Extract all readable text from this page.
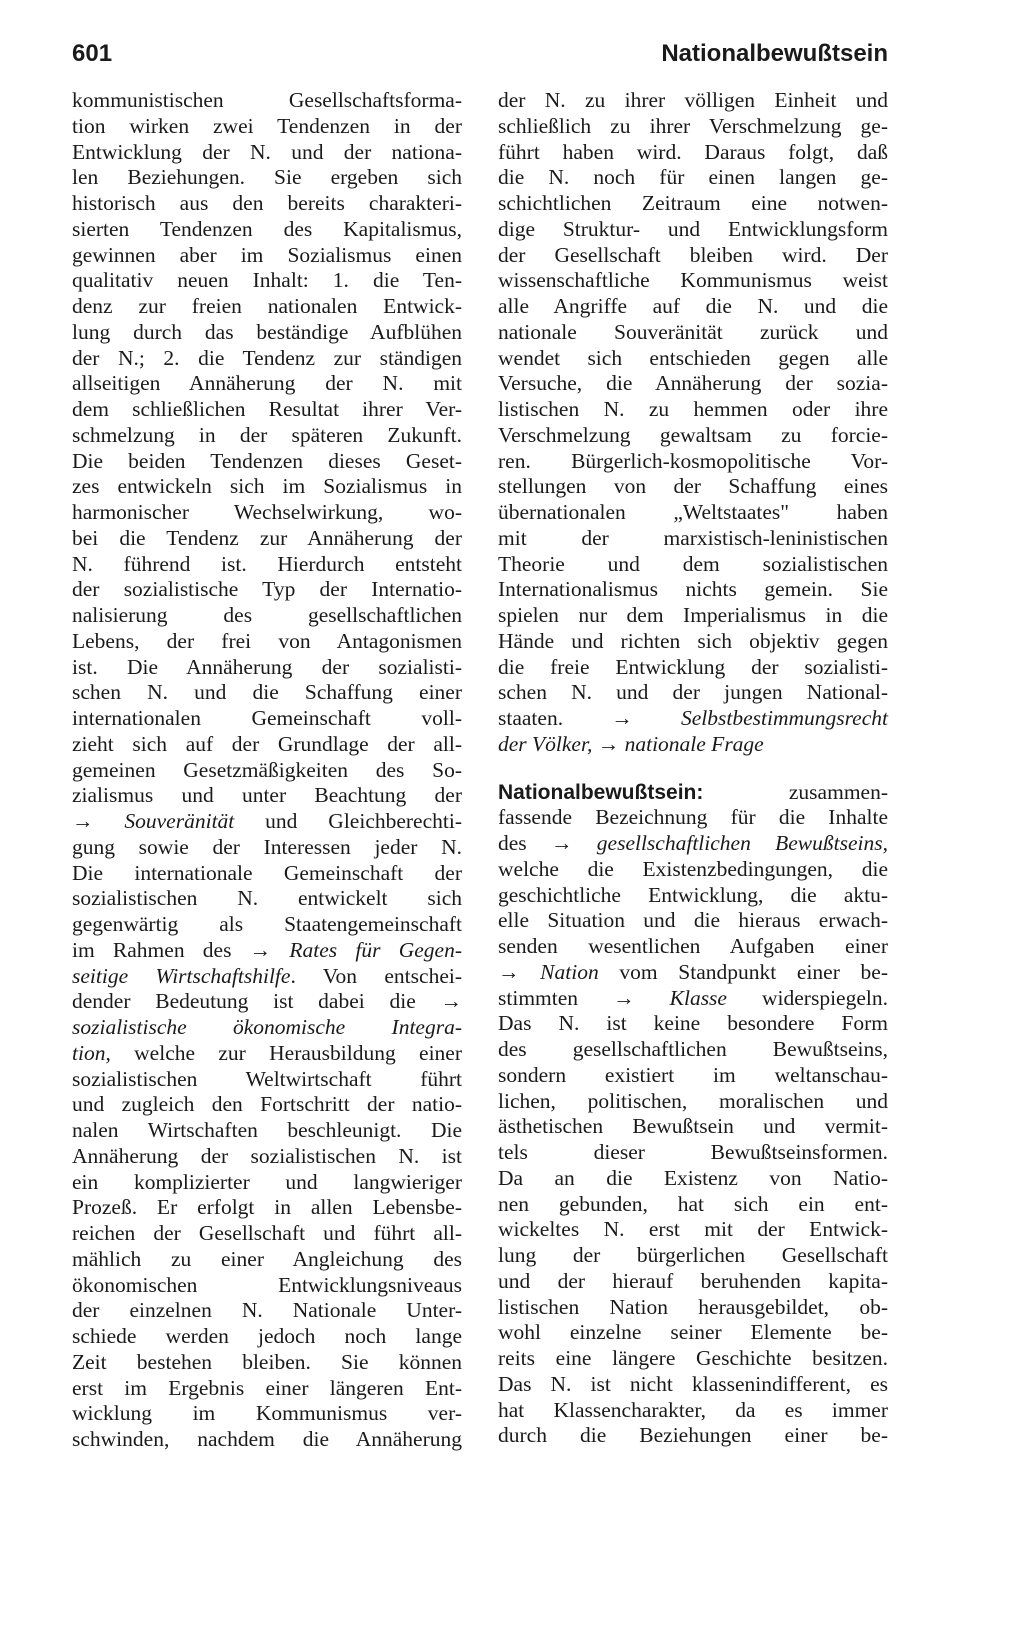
601	Nationalbewußtsein
kommunistischen Gesellschaftsforma-
tion wirken zwei Tendenzen in der
Entwicklung der N. und der nationa-
len Beziehungen. Sie ergeben sich
historisch aus den bereits charakteri-
sierten Tendenzen des Kapitalismus,
gewinnen aber im Sozialismus einen
qualitativ neuen Inhalt: 1. die Ten-
denz zur freien nationalen Entwick-
lung durch das beständige Aufblühen
der N.; 2. die Tendenz zur ständigen
allseitigen Annäherung der N. mit
dem schließlichen Resultat ihrer Ver-
schmelzung in der späteren Zukunft.
Die beiden Tendenzen dieses Geset-
zes entwickeln sich im Sozialismus in
harmonischer Wechselwirkung, wo-
bei die Tendenz zur Annäherung der
N. führend ist. Hierdurch entsteht
der sozialistische Typ der Internatio-
nalisierung des gesellschaftlichen
Lebens, der frei von Antagonismen
ist. Die Annäherung der sozialisti-
schen N. und die Schaffung einer
internationalen Gemeinschaft voll-
zieht sich auf der Grundlage der all-
gemeinen Gesetzmäßigkeiten des So-
zialismus und unter Beachtung der
→ Souveränität und Gleichberechti-
gung sowie der Interessen jeder N.
Die internationale Gemeinschaft der
sozialistischen N. entwickelt sich
gegenwärtig als Staatengemeinschaft
im Rahmen des → Rates für Gegen-
seitige Wirtschaftshilfe. Von entschei-
dender Bedeutung ist dabei die →
sozialistische ökonomische Integra-
tion, welche zur Herausbildung einer
sozialistischen Weltwirtschaft führt
und zugleich den Fortschritt der natio-
nalen Wirtschaften beschleunigt. Die
Annäherung der sozialistischen N. ist
ein komplizierter und langwieriger
Prozeß. Er erfolgt in allen Lebensbe-
reichen der Gesellschaft und führt all-
mählich zu einer Angleichung des
ökonomischen Entwicklungsniveaus
der einzelnen N. Nationale Unter-
schiede werden jedoch noch lange
Zeit bestehen bleiben. Sie können
erst im Ergebnis einer längeren Ent-
wicklung im Kommunismus ver-
schwinden, nachdem die Annäherung
der N. zu ihrer völligen Einheit und
schließlich zu ihrer Verschmelzung ge-
führt haben wird. Daraus folgt, daß
die N. noch für einen langen ge-
schichtlichen Zeitraum eine notwen-
dige Struktur- und Entwicklungsform
der Gesellschaft bleiben wird. Der
wissenschaftliche Kommunismus weist
alle Angriffe auf die N. und die
nationale Souveränität zurück und
wendet sich entschieden gegen alle
Versuche, die Annäherung der sozia-
listischen N. zu hemmen oder ihre
Verschmelzung gewaltsam zu forcie-
ren. Bürgerlich-kosmopolitische Vor-
stellungen von der Schaffung eines
übernationalen „Weltstaates" haben
mit der marxistisch-leninistischen
Theorie und dem sozialistischen
Internationalismus nichts gemein. Sie
spielen nur dem Imperialismus in die
Hände und richten sich objektiv gegen
die freie Entwicklung der sozialisti-
schen N. und der jungen National-
staaten. → Selbstbestimmungsrecht
der Völker, → nationale Frage
Nationalbewußtsein: zusammen-
fassende Bezeichnung für die Inhalte
des → gesellschaftlichen Bewußtseins,
welche die Existenzbedingungen, die
geschichtliche Entwicklung, die aktu-
elle Situation und die hieraus erwach-
senden wesentlichen Aufgaben einer
→ Nation vom Standpunkt einer be-
stimmten → Klasse widerspiegeln.
Das N. ist keine besondere Form
des gesellschaftlichen Bewußtseins,
sondern existiert im weltanschau-
lichen, politischen, moralischen und
ästhetischen Bewußtsein und vermit-
tels dieser Bewußtseinsformen.
Da an die Existenz von Natio-
nen gebunden, hat sich ein ent-
wickeltes N. erst mit der Entwick-
lung der bürgerlichen Gesellschaft
und der hierauf beruhenden kapita-
listischen Nation herausgebildet, ob-
wohl einzelne seiner Elemente be-
reits eine längere Geschichte besitzen.
Das N. ist nicht klassenindifferent, es
hat Klassencharakter, da es immer
durch die Beziehungen einer be-
